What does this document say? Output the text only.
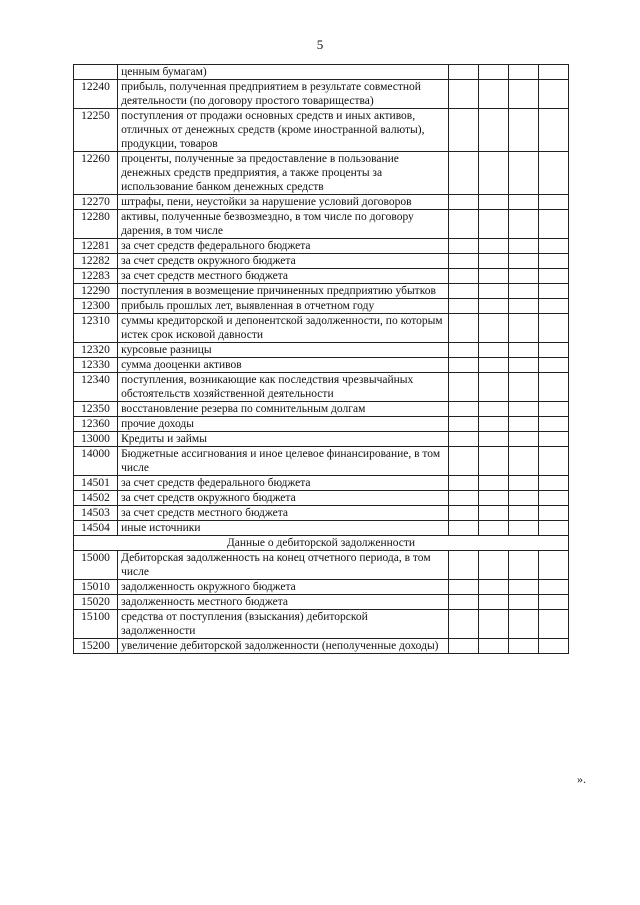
5
	ценным бумагам)				
12240	прибыль, полученная предприятием в результате совместной деятельности (по договору простого товарищества)				
12250	поступления от продажи основных средств и иных активов, отличных от денежных средств (кроме иностранной валюты), продукции, товаров				
12260	проценты, полученные за предоставление в пользование денежных средств предприятия, а также проценты за использование банком денежных средств				
12270	штрафы, пени, неустойки за нарушение условий договоров				
12280	активы, полученные безвозмездно, в том числе по договору дарения, в том числе				
12281	за счет средств федерального бюджета				
12282	за счет средств окружного бюджета				
12283	за счет средств местного бюджета				
12290	поступления в возмещение причиненных предприятию убытков				
12300	прибыль прошлых лет, выявленная в отчетном году				
12310	суммы кредиторской и депонентской задолженности, по которым истек срок исковой давности				
12320	курсовые разницы				
12330	сумма дооценки активов				
12340	поступления, возникающие как последствия чрезвычайных обстоятельств хозяйственной деятельности				
12350	восстановление резерва по сомнительным долгам				
12360	прочие доходы				
13000	Кредиты и займы				
14000	Бюджетные ассигнования и иное целевое финансирование, в том числе				
14501	за счет средств федерального бюджета				
14502	за счет средств окружного бюджета				
14503	за счет средств местного бюджета				
14504	иные источники				
Данные о дебиторской задолженности					
15000	Дебиторская задолженность на конец отчетного периода, в том числе				
15010	задолженность окружного бюджета				
15020	задолженность местного бюджета				
15100	средства от поступления (взыскания) дебиторской задолженности				
15200	увеличение дебиторской задолженности (неполученные доходы)				
».
